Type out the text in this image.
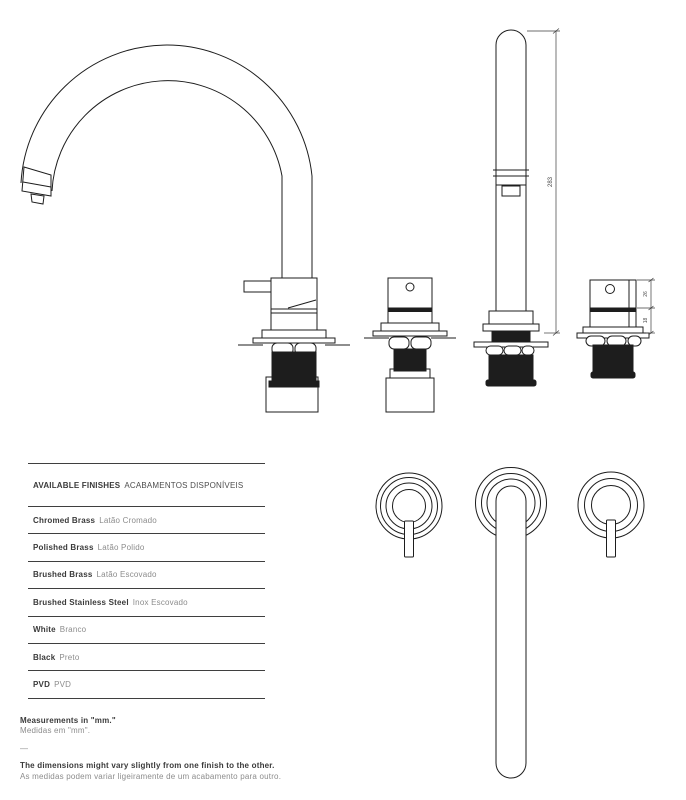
283
26
18
AVAILABLE FINISHES ACABAMENTOS DISPONÍVEIS
Chromed Brass Latão Cromado
Polished Brass Latão Polido
Brushed Brass Latão Escovado
Brushed Stainless Steel Inox Escovado
White Branco
Black Preto
PVD PVD
Measurements in "mm."
Medidas em "mm".
—
The dimensions might vary slightly from one finish to the other.
As medidas podem variar ligeiramente de um acabamento para outro.
